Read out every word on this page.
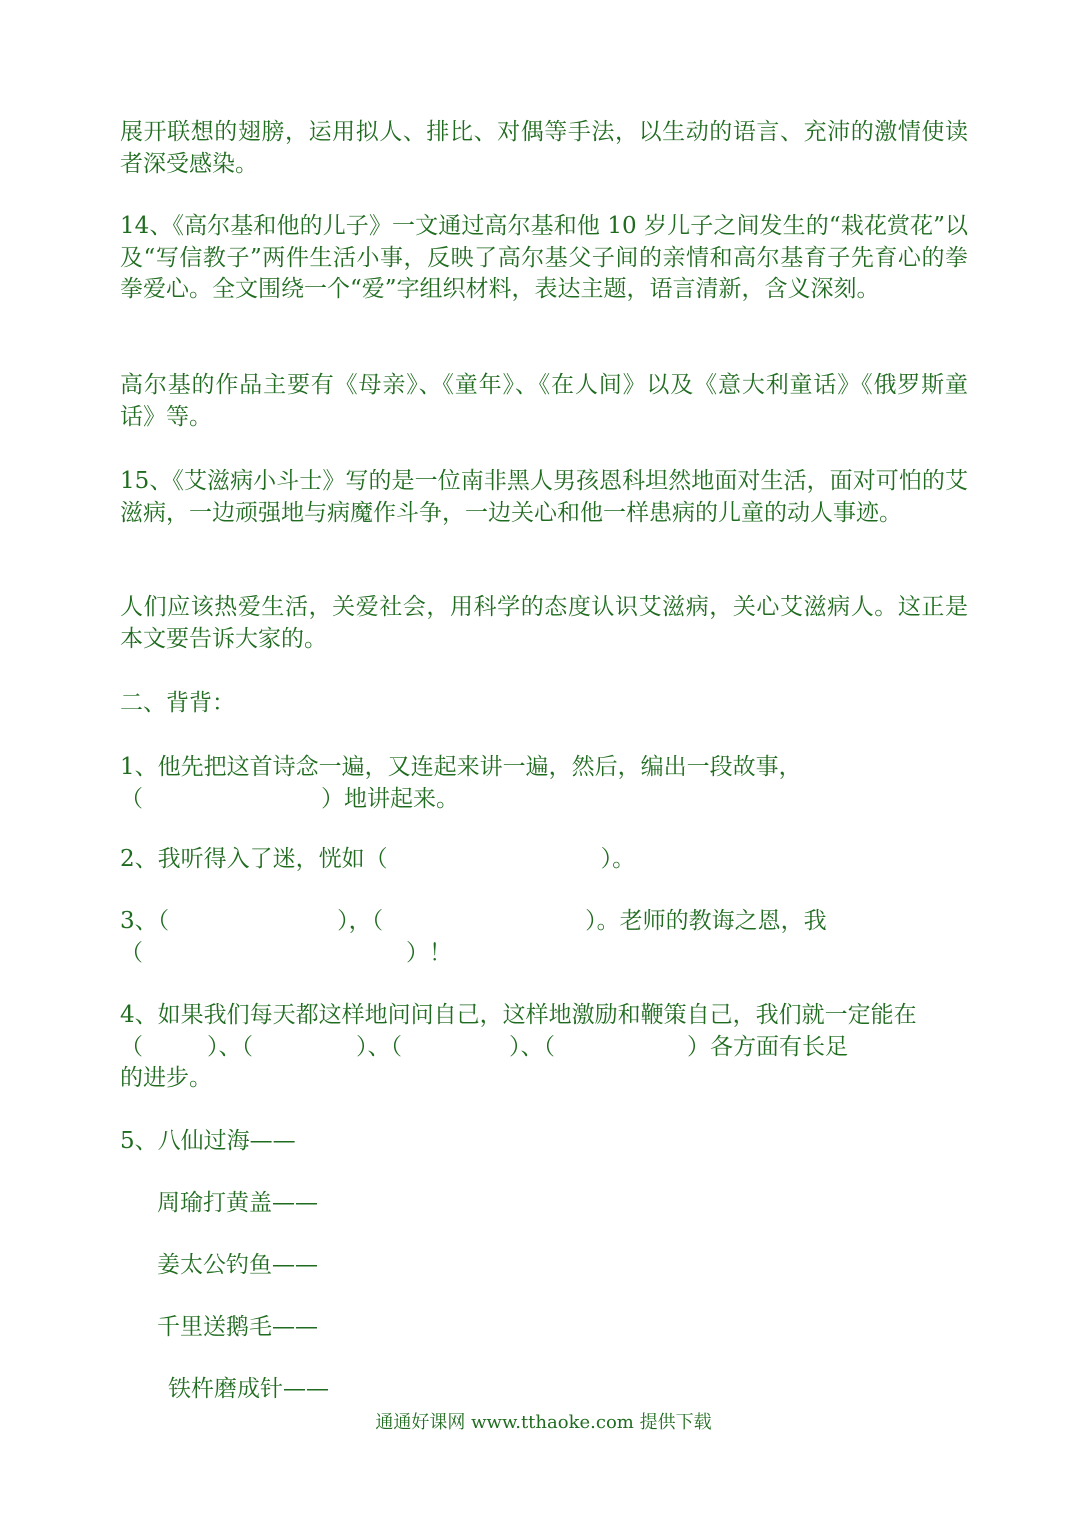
展开联想的翅膀，运用拟人、排比、对偶等手法，以生动的语言、充沛的激情使读者深受感染。

14、《高尔基和他的儿子》一文通过高尔基和他 10 岁儿子之间发生的“栽花赏花”以及“写信教子”两件生活小事，反映了高尔基父子间的亲情和高尔基育子先育心的拳拳爱心。全文围绕一个“爱”字组织材料，表达主题，语言清新，含义深刻。

高尔基的作品主要有《母亲》、《童年》、《在人间》以及《意大利童话》《俄罗斯童话》等。

15、《艾滋病小斗士》写的是一位南非黑人男孩恩科坦然地面对生活，面对可怕的艾滋病，一边顽强地与病魔作斗争，一边关心和他一样患病的儿童的动人事迹。

人们应该热爱生活，关爱社会，用科学的态度认识艾滋病，关心艾滋病人。这正是本文要告诉大家的。

二、背背：

1、他先把这首诗念一遍，又连起来讲一遍，然后，编出一段故事，
（	）地讲起来。
2、我听得入了迷，恍如（	）。
3、（	），（	）。老师的教诲之恩，我
（	）！
4、如果我们每天都这样地问问自己，这样地激励和鞭策自己，我们就一定能在
（	）、（	）、（	）、（	）各方面有长足
的进步。

5、八仙过海——

周瑜打黄盖——

姜太公钓鱼——

千里送鹅毛——

铁杵磨成针——

通通好课网 www.tthaoke.com 提供下载
